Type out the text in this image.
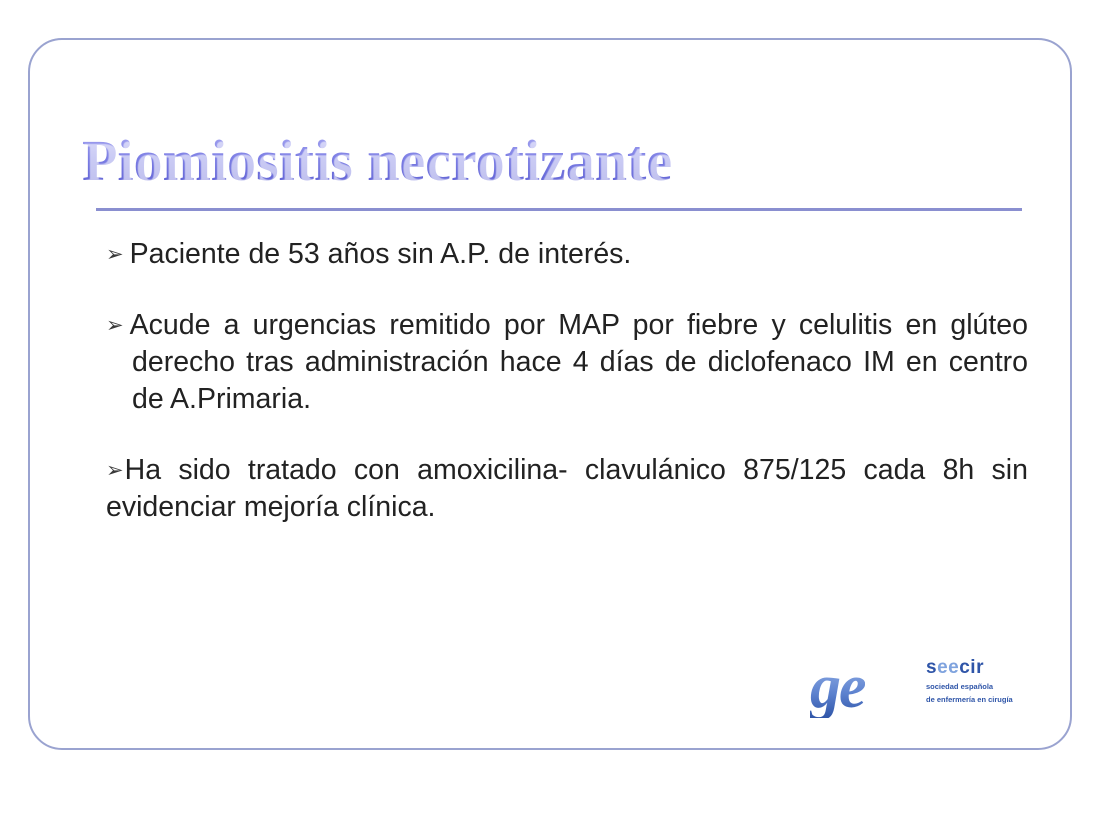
Piomiositis necrotizante

➢ Paciente de 53 años sin A.P. de interés.

➢ Acude a urgencias remitido por MAP por fiebre y celulitis en glúteo derecho tras administración hace 4 días de diclofenaco IM en centro de A.Primaria.

➢Ha sido tratado con amoxicilina- clavulánico 875/125 cada 8h sin evidenciar mejoría clínica.

ge	seecir
sociedad española
de enfermería en cirugía
